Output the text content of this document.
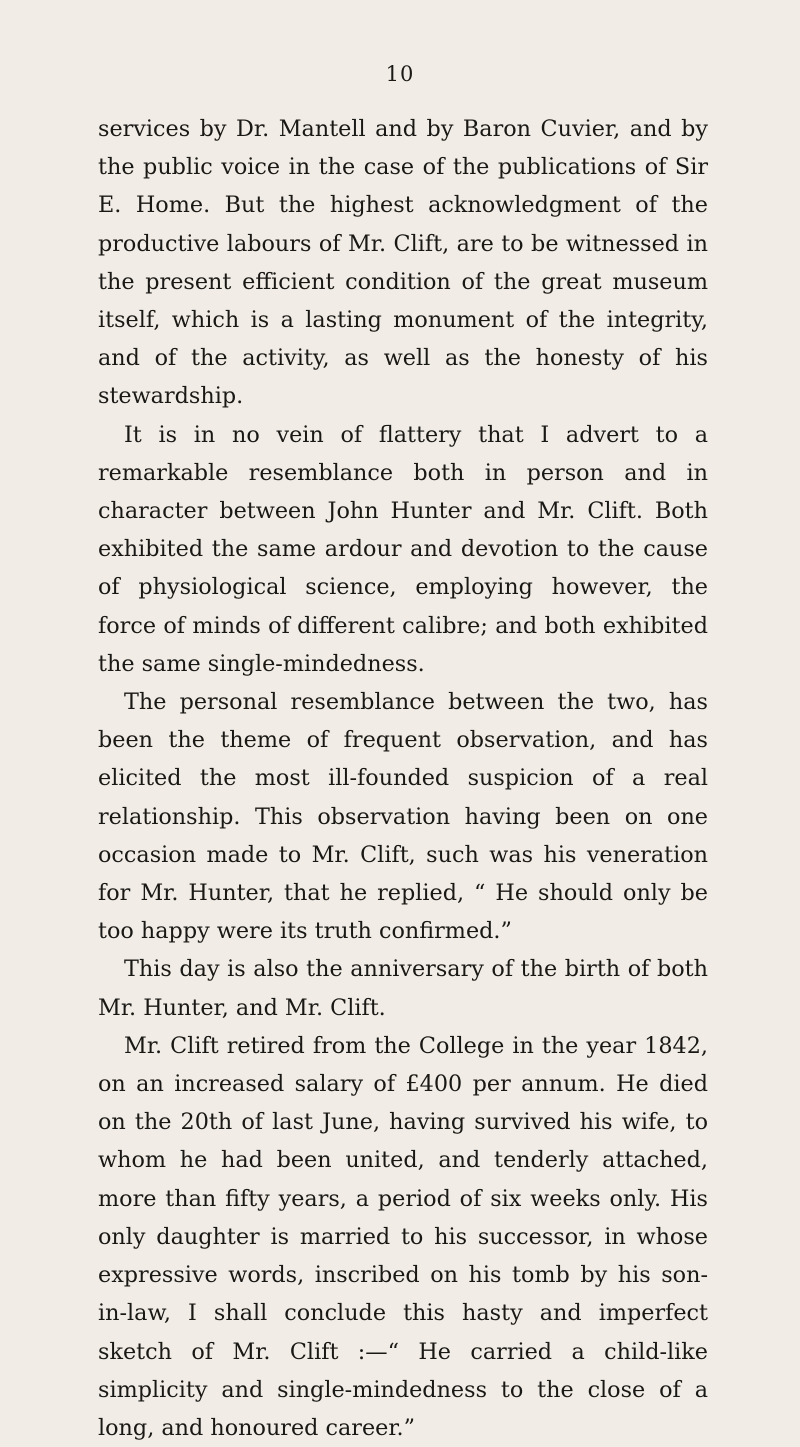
10

services by Dr. Mantell and by Baron Cuvier, and by the public voice in the case of the publications of Sir E. Home. But the highest acknowledgment of the productive labours of Mr. Clift, are to be witnessed in the present efficient condition of the great museum itself, which is a lasting monument of the integrity, and of the activity, as well as the honesty of his stewardship.

It is in no vein of flattery that I advert to a remarkable resemblance both in person and in character between John Hunter and Mr. Clift. Both exhibited the same ardour and devotion to the cause of physiological science, employing however, the force of minds of different calibre; and both exhibited the same single-mindedness.

The personal resemblance between the two, has been the theme of frequent observation, and has elicited the most ill-founded suspicion of a real relationship. This observation having been on one occasion made to Mr. Clift, such was his veneration for Mr. Hunter, that he replied, “ He should only be too happy were its truth confirmed.”

This day is also the anniversary of the birth of both Mr. Hunter, and Mr. Clift.

Mr. Clift retired from the College in the year 1842, on an increased salary of £400 per annum. He died on the 20th of last June, having survived his wife, to whom he had been united, and tenderly attached, more than fifty years, a period of six weeks only. His only daughter is married to his successor, in whose expressive words, inscribed on his tomb by his son-in-law, I shall conclude this hasty and imperfect sketch of Mr. Clift :—“ He carried a child-like simplicity and single-mindedness to the close of a long, and honoured career.”
